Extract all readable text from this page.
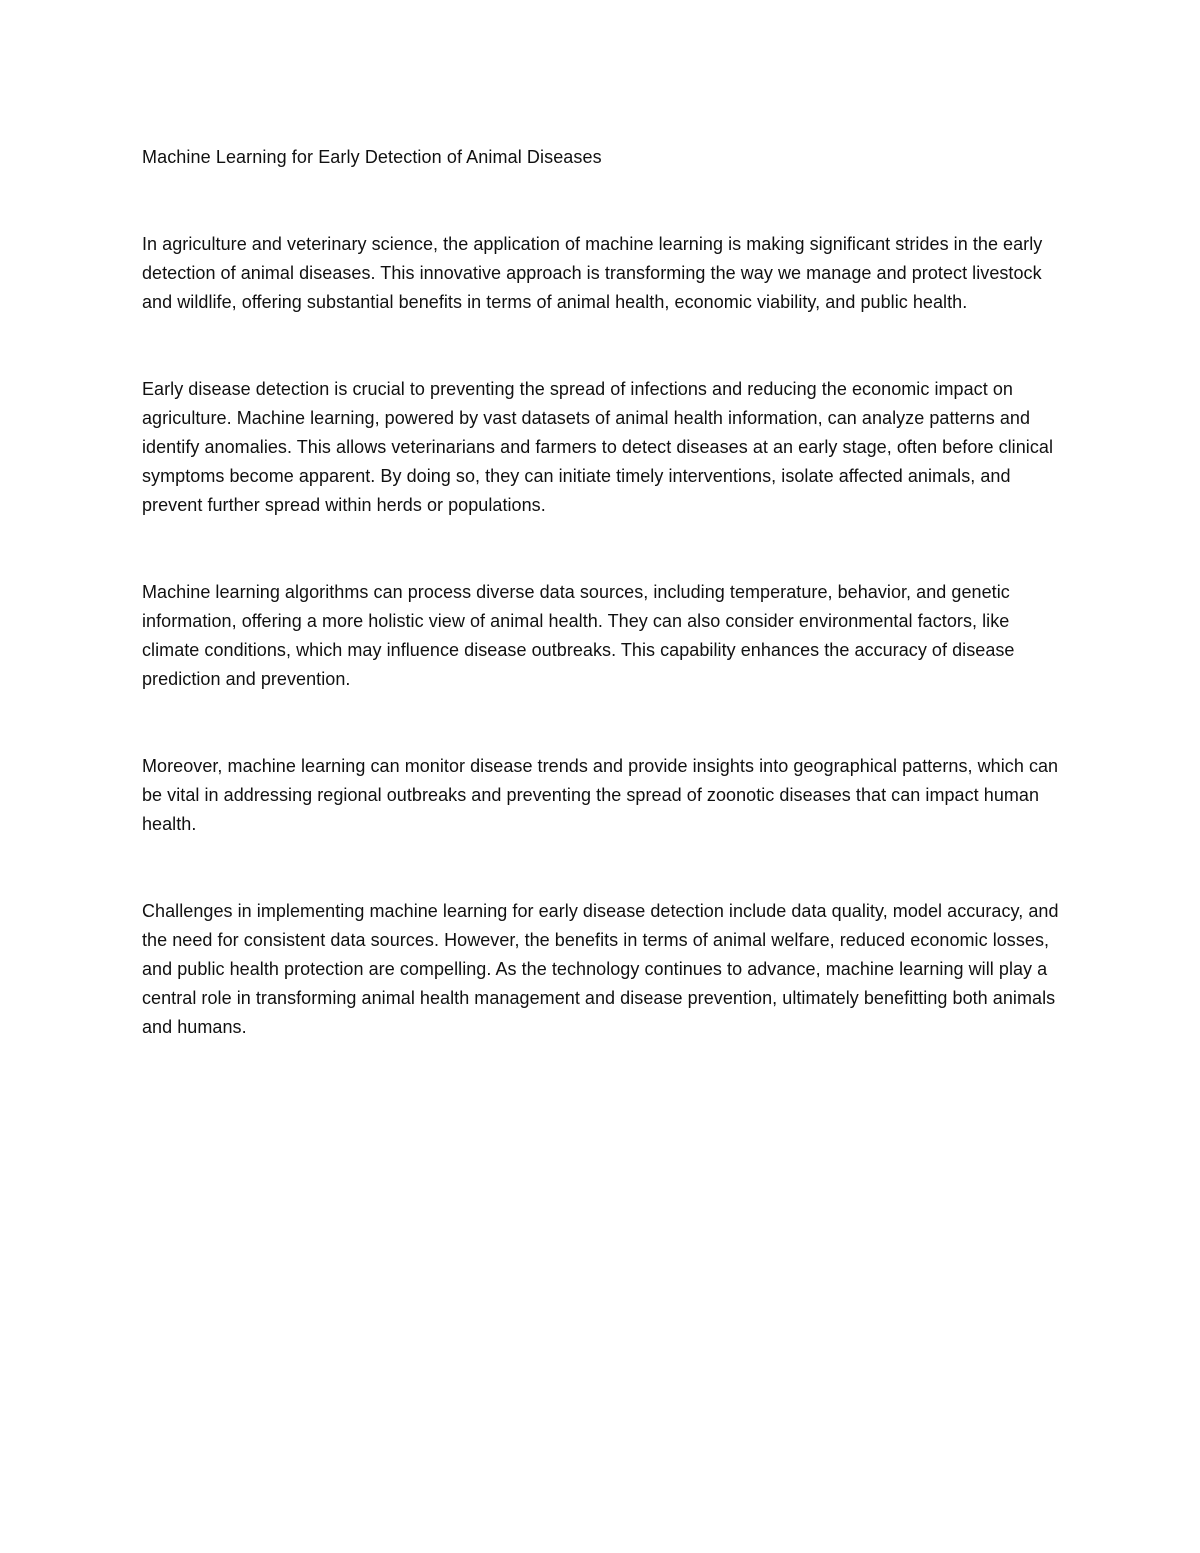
Machine Learning for Early Detection of Animal Diseases

In agriculture and veterinary science, the application of machine learning is making significant strides in the early detection of animal diseases. This innovative approach is transforming the way we manage and protect livestock and wildlife, offering substantial benefits in terms of animal health, economic viability, and public health.

Early disease detection is crucial to preventing the spread of infections and reducing the economic impact on agriculture. Machine learning, powered by vast datasets of animal health information, can analyze patterns and identify anomalies. This allows veterinarians and farmers to detect diseases at an early stage, often before clinical symptoms become apparent. By doing so, they can initiate timely interventions, isolate affected animals, and prevent further spread within herds or populations.

Machine learning algorithms can process diverse data sources, including temperature, behavior, and genetic information, offering a more holistic view of animal health. They can also consider environmental factors, like climate conditions, which may influence disease outbreaks. This capability enhances the accuracy of disease prediction and prevention.

Moreover, machine learning can monitor disease trends and provide insights into geographical patterns, which can be vital in addressing regional outbreaks and preventing the spread of zoonotic diseases that can impact human health.

Challenges in implementing machine learning for early disease detection include data quality, model accuracy, and the need for consistent data sources. However, the benefits in terms of animal welfare, reduced economic losses, and public health protection are compelling. As the technology continues to advance, machine learning will play a central role in transforming animal health management and disease prevention, ultimately benefitting both animals and humans.
